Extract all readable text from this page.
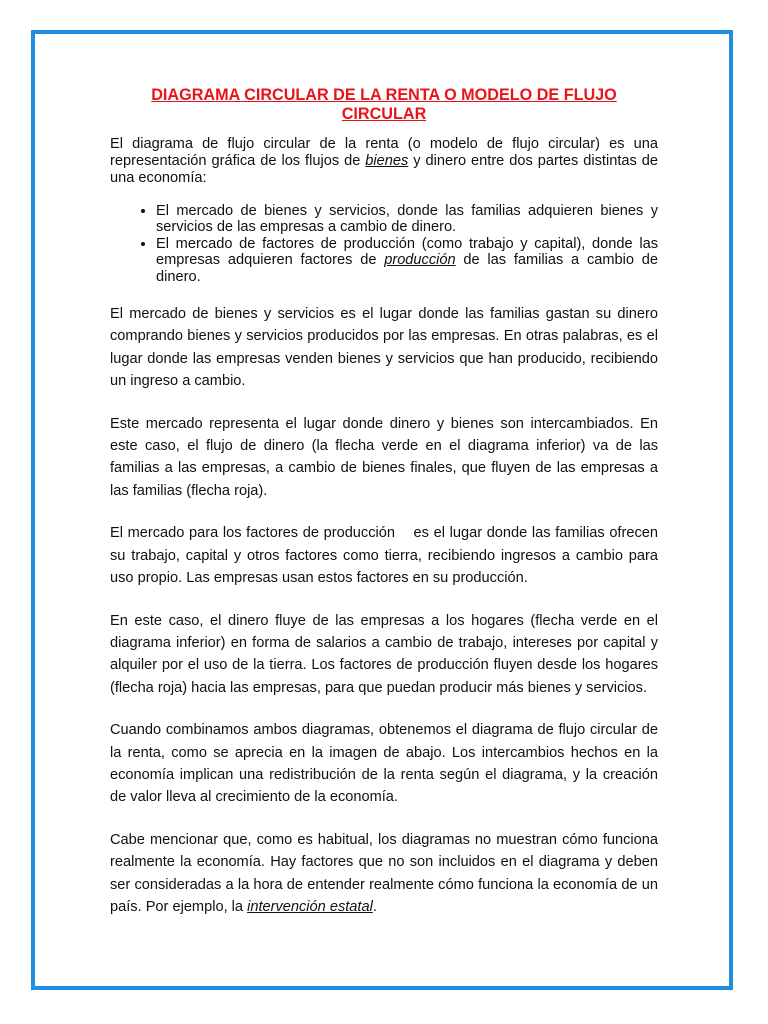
DIAGRAMA CIRCULAR DE LA RENTA O MODELO DE FLUJO CIRCULAR

El diagrama de flujo circular de la renta (o modelo de flujo circular) es una representación gráfica de los flujos de bienes y dinero entre dos partes distintas de una economía:

• El mercado de bienes y servicios, donde las familias adquieren bienes y servicios de las empresas a cambio de dinero.
• El mercado de factores de producción (como trabajo y capital), donde las empresas adquieren factores de producción de las familias a cambio de dinero.

El mercado de bienes y servicios es el lugar donde las familias gastan su dinero comprando bienes y servicios producidos por las empresas. En otras palabras, es el lugar donde las empresas venden bienes y servicios que han producido, recibiendo un ingreso a cambio.

Este mercado representa el lugar donde dinero y bienes son intercambiados. En este caso, el flujo de dinero (la flecha verde en el diagrama inferior) va de las familias a las empresas, a cambio de bienes finales, que fluyen de las empresas a las familias (flecha roja).

El mercado para los factores de producción    es el lugar donde las familias ofrecen su trabajo, capital y otros factores como tierra, recibiendo ingresos a cambio para uso propio. Las empresas usan estos factores en su producción.

En este caso, el dinero fluye de las empresas a los hogares (flecha verde en el diagrama inferior) en forma de salarios a cambio de trabajo, intereses por capital y alquiler por el uso de la tierra. Los factores de producción fluyen desde los hogares (flecha roja) hacia las empresas, para que puedan producir más bienes y servicios.

Cuando combinamos ambos diagramas, obtenemos el diagrama de flujo circular de la renta, como se aprecia en la imagen de abajo. Los intercambios hechos en la economía implican una redistribución de la renta según el diagrama, y la creación de valor lleva al crecimiento de la economía.

Cabe mencionar que, como es habitual, los diagramas no muestran cómo funciona realmente la economía. Hay factores que no son incluidos en el diagrama y deben ser consideradas a la hora de entender realmente cómo funciona la economía de un país. Por ejemplo, la intervención estatal.
